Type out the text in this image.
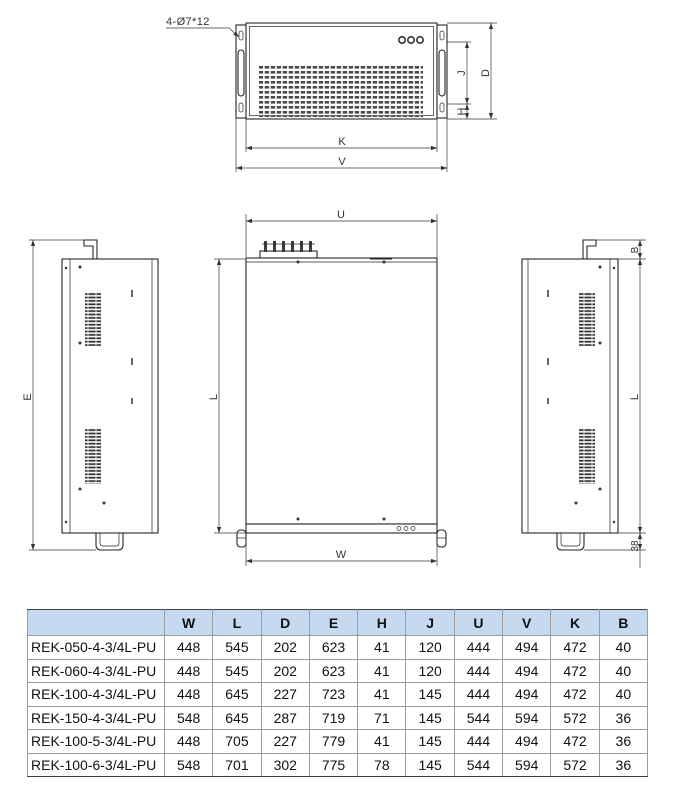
4-Ø7*12
D
J
H
K
V
E
U
L
W
B
L
38
	W	L	D	E	H	J	U	V	K	B
REK-050-4-3/4L-PU	448	545	202	623	41	120	444	494	472	40
REK-060-4-3/4L-PU	448	545	202	623	41	120	444	494	472	40
REK-100-4-3/4L-PU	448	645	227	723	41	145	444	494	472	40
REK-150-4-3/4L-PU	548	645	287	719	71	145	544	594	572	36
REK-100-5-3/4L-PU	448	705	227	779	41	145	444	494	472	36
REK-100-6-3/4L-PU	548	701	302	775	78	145	544	594	572	36
